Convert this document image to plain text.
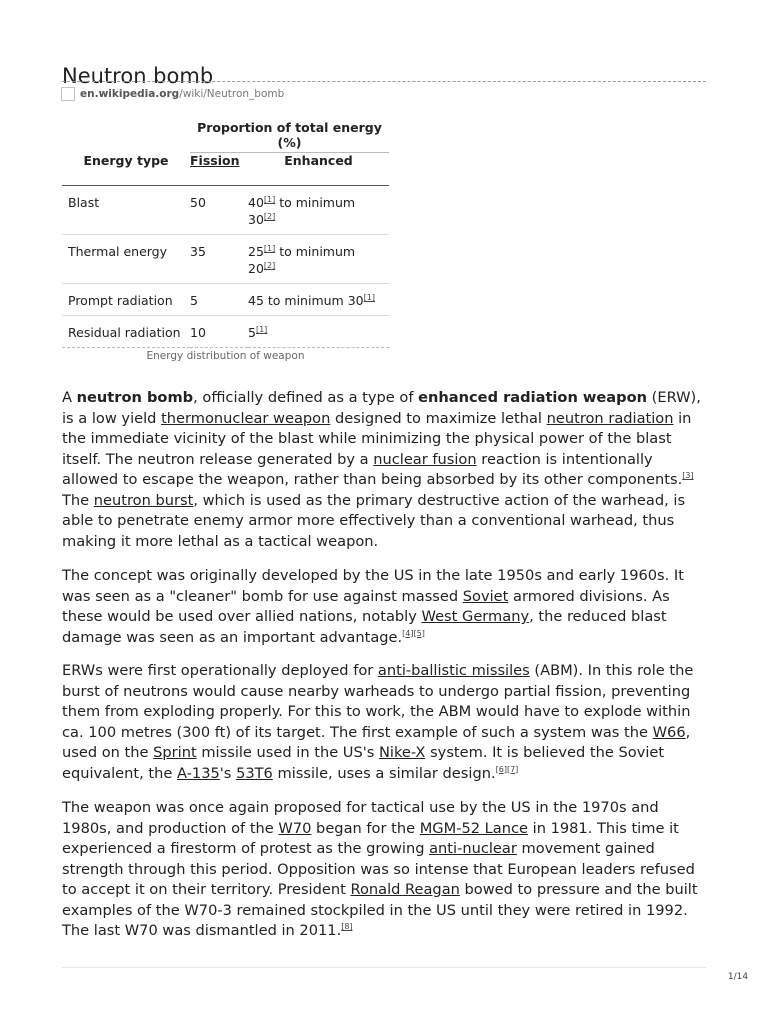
Neutron bomb
en.wikipedia.org/wiki/Neutron_bomb
	Proportion of total energy (%)	
Energy type	Fission	Enhanced
Blast	50	40[1] to minimum
30[2]
Thermal energy	35	25[1] to minimum
20[2]
Prompt radiation	5	45 to minimum 30[1]
Residual radiation	10	5[1]
Energy distribution of weapon

A neutron bomb, officially defined as a type of enhanced radiation weapon (ERW), is a low yield thermonuclear weapon designed to maximize lethal neutron radiation in the immediate vicinity of the blast while minimizing the physical power of the blast itself. The neutron release generated by a nuclear fusion reaction is intentionally allowed to escape the weapon, rather than being absorbed by its other components.[3] The neutron burst, which is used as the primary destructive action of the warhead, is able to penetrate enemy armor more effectively than a conventional warhead, thus making it more lethal as a tactical weapon.

The concept was originally developed by the US in the late 1950s and early 1960s. It was seen as a "cleaner" bomb for use against massed Soviet armored divisions. As these would be used over allied nations, notably West Germany, the reduced blast damage was seen as an important advantage.[4][5]

ERWs were first operationally deployed for anti-ballistic missiles (ABM). In this role the burst of neutrons would cause nearby warheads to undergo partial fission, preventing them from exploding properly. For this to work, the ABM would have to explode within ca. 100 metres (300 ft) of its target. The first example of such a system was the W66, used on the Sprint missile used in the US's Nike-X system. It is believed the Soviet equivalent, the A-135's 53T6 missile, uses a similar design.[6][7]

The weapon was once again proposed for tactical use by the US in the 1970s and 1980s, and production of the W70 began for the MGM-52 Lance in 1981. This time it experienced a firestorm of protest as the growing anti-nuclear movement gained strength through this period. Opposition was so intense that European leaders refused to accept it on their territory. President Ronald Reagan bowed to pressure and the built examples of the W70-3 remained stockpiled in the US until they were retired in 1992. The last W70 was dismantled in 2011.[8]

1/14
